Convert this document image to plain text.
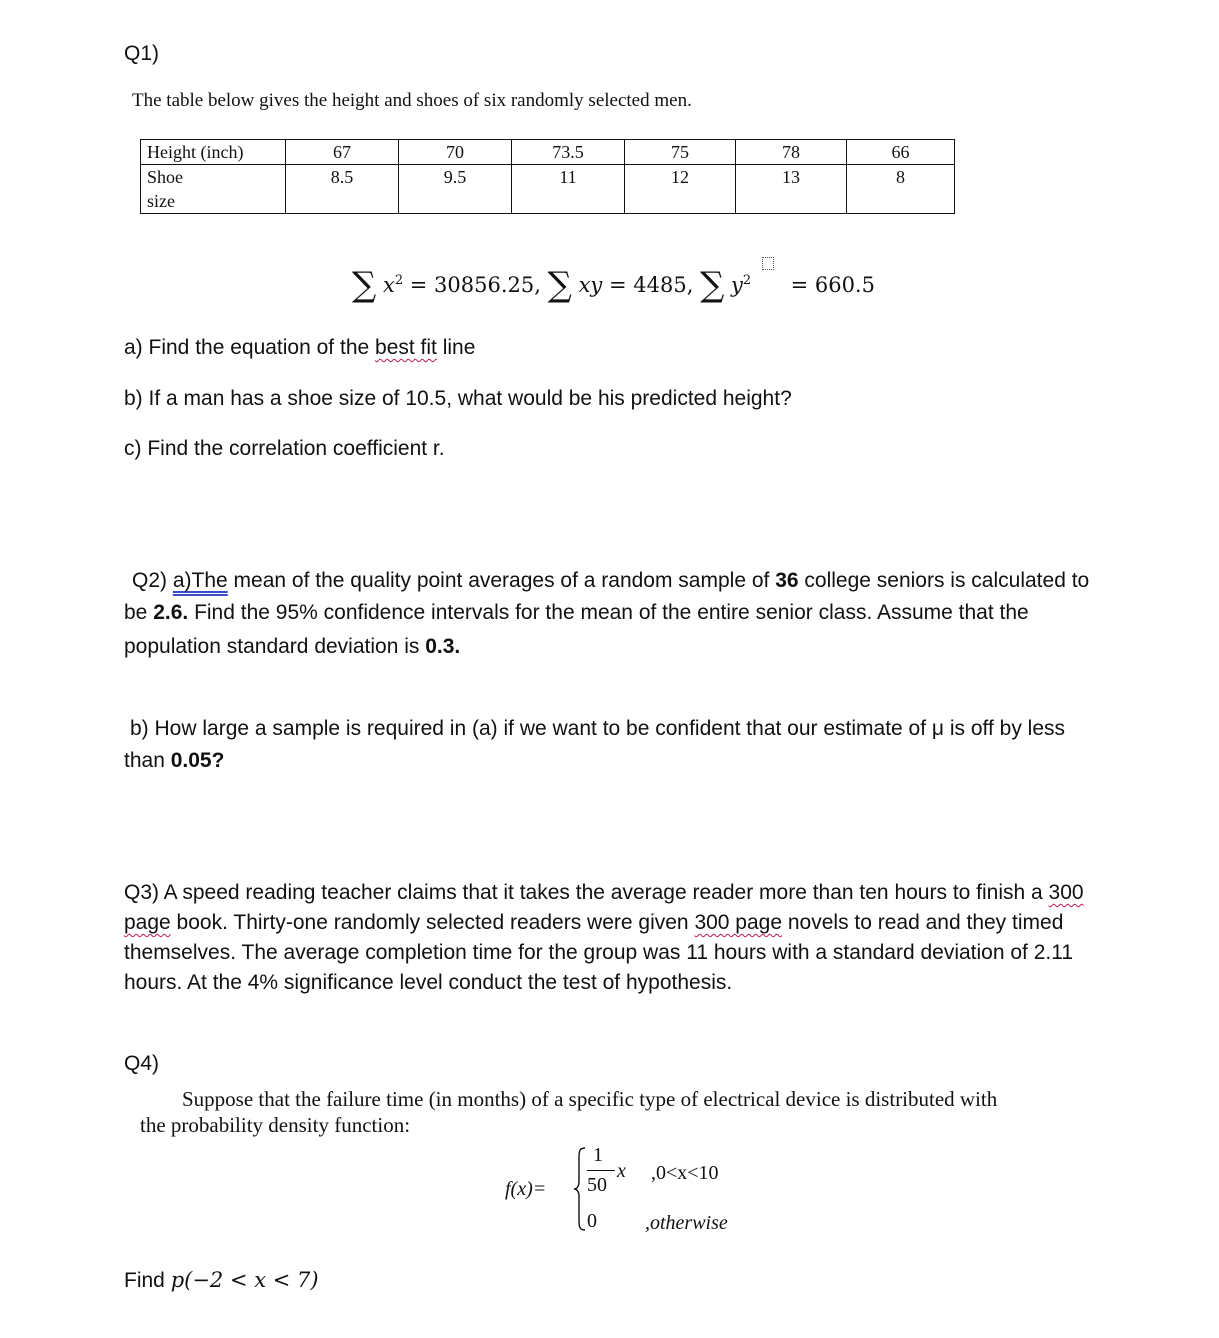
Q1)
The table below gives the height and shoes of six randomly selected men.
Height (inch)	67	70	73.5	75	78	66

Shoe
size	8.5	9.5	11	12	13	8
∑ $x^2 = 30856.25$, ∑ xy = 4485, ∑ $y^2 = 660.5$
a) Find the equation of the best fit line
b) If a man has a shoe size of 10.5, what would be his predicted height?
c) Find the correlation coefficient r.
Q2) a)The mean of the quality point averages of a random sample of 36 college seniors is calculated to
be 2.6. Find the 95% confidence intervals for the mean of the entire senior class. Assume that the
population standard deviation is 0.3.
b) How large a sample is required in (a) if we want to be confident that our estimate of μ is off by less
than 0.05?
Q3) A speed reading teacher claims that it takes the average reader more than ten hours to finish a 300
page book. Thirty-one randomly selected readers were given 300 page novels to read and they timed
themselves. The average completion time for the group was 11 hours with a standard deviation of 2.11
hours. At the 4% significance level conduct the test of hypothesis.
Q4)
Suppose that the failure time (in months) of a specific type of electrical device is distributed with
the probability density function:
f(x)=
1
50
x ,0<x<10
0 ,otherwise
Find p(−2 < x < 7)
